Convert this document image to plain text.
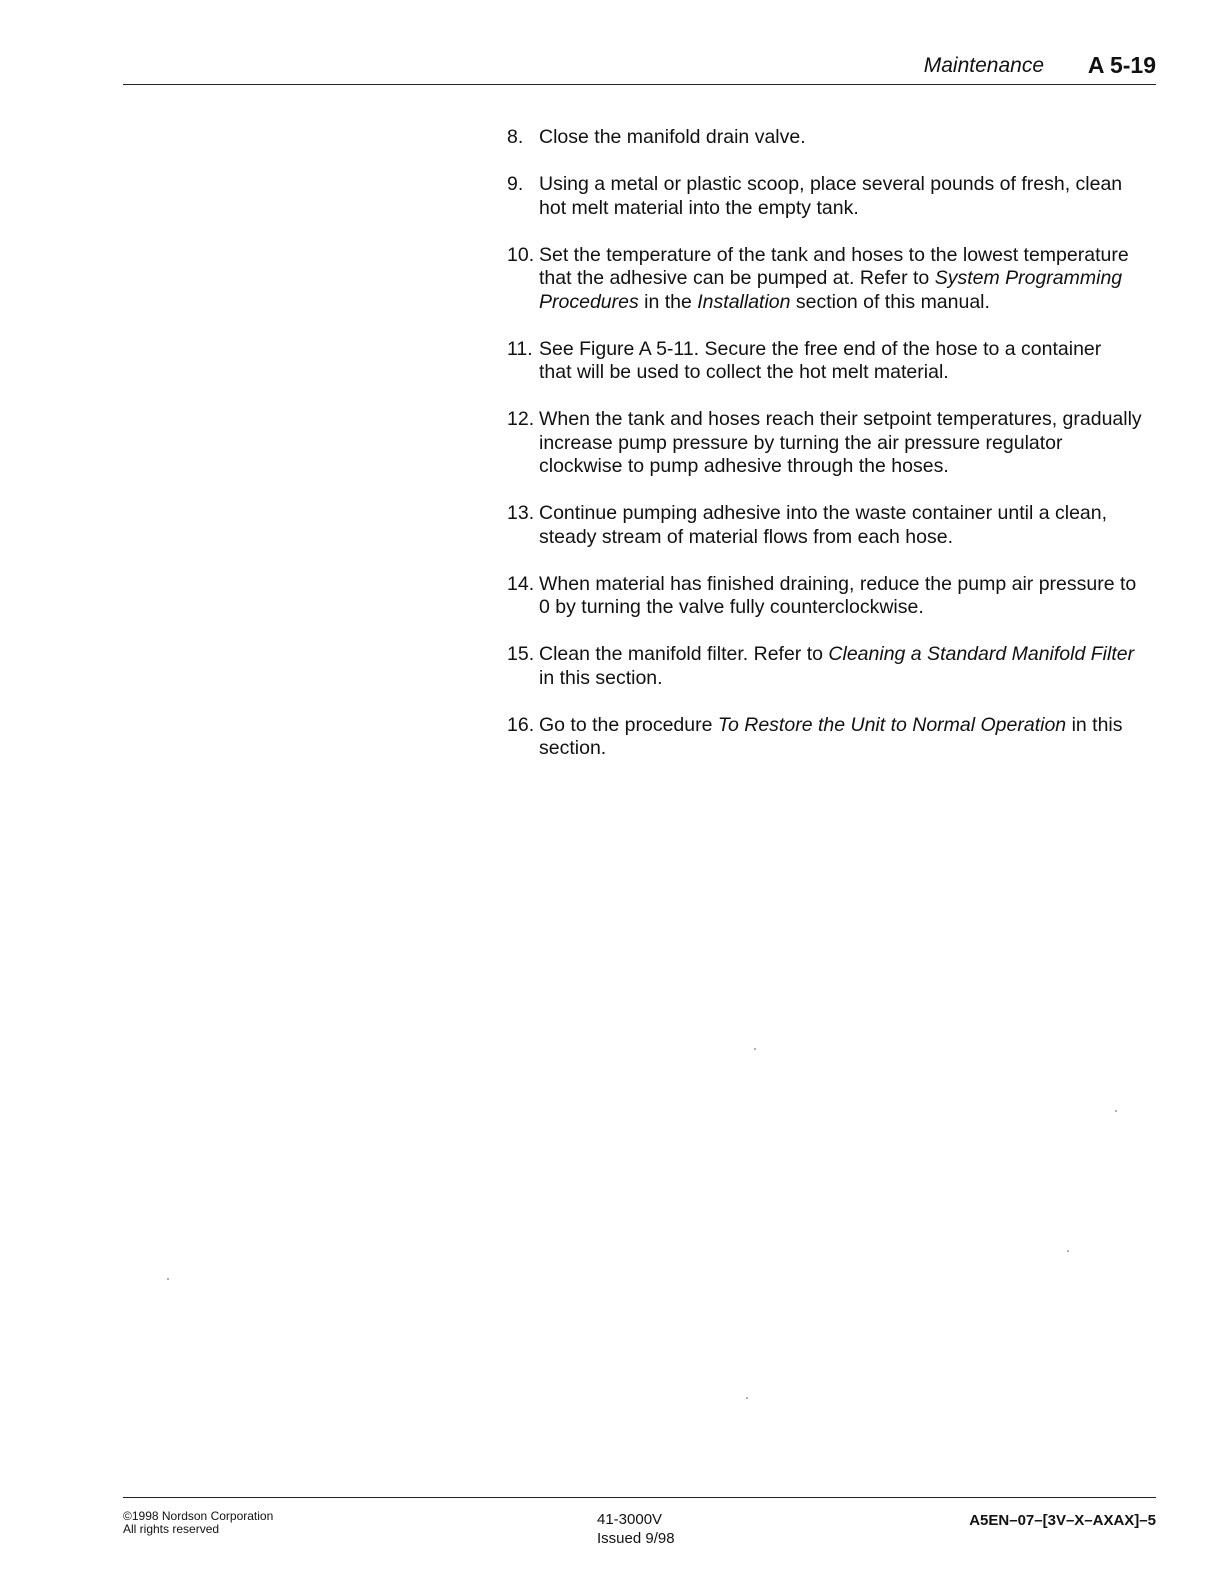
Maintenance A 5-19
8. Close the manifold drain valve.
9. Using a metal or plastic scoop, place several pounds of fresh, clean
hot melt material into the empty tank.
10. Set the temperature of the tank and hoses to the lowest temperature
that the adhesive can be pumped at. Refer to System Programming
Procedures in the Installation section of this manual.
11. See Figure A 5-11. Secure the free end of the hose to a container
that will be used to collect the hot melt material.
12. When the tank and hoses reach their setpoint temperatures, gradually
increase pump pressure by turning the air pressure regulator
clockwise to pump adhesive through the hoses.
13. Continue pumping adhesive into the waste container until a clean,
steady stream of material flows from each hose.
14. When material has finished draining, reduce the pump air pressure to
0 by turning the valve fully counterclockwise.
15. Clean the manifold filter. Refer to Cleaning a Standard Manifold Filter
in this section.
16. Go to the procedure To Restore the Unit to Normal Operation in this
section.
©1998 Nordson Corporation
All rights reserved
41-3000V
Issued 9/98
A5EN–07–[3V–X–AXAX]–5
